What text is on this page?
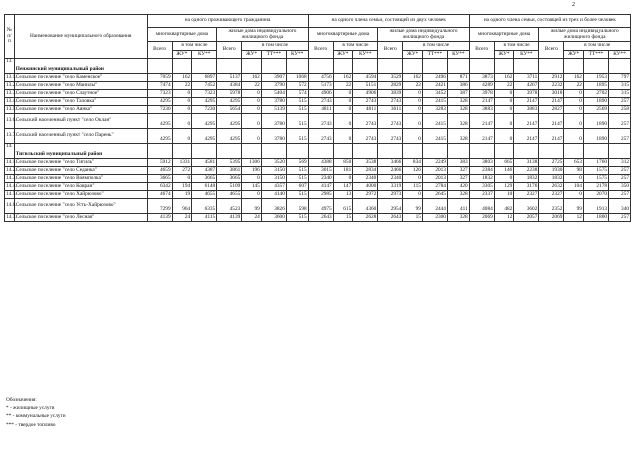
2
№ п/п	Наименование муниципального образования	на одного проживающего гражданина							на одного члена семьи, состоящей из двух человек							на одного члена семьи, состоящей из трех и более человек						
		многоквартирные дома			жилые дома индивидуального жилищного фонда				многоквартирные дома			жилые дома индивидуального жилищного фонда				многоквартирные дома			жилые дома индивидуального жилищного фонда			
		Всего	в том числе		Всего	в том числе			Всего	в том числе		Всего	в том числе			Всего	в том числе		Всего	в том числе		
			ЖУ*	КУ**		ЖУ*	ТТ***	КУ**		ЖУ*	КУ**		ЖУ*	ТТ***	КУ**		ЖУ*	КУ**		ЖУ*	ТТ***	КУ**
13.	Пенжинский муниципальный район																					
13.1.	Сельское поселение "село Каменское"	7059	162	6897	5137	162	3907	1068	4756	162	4594	3529	162	2496	871	3873	162	3711	2912	162	1953	797
13.2.	Сельское поселение "село Манилы"	7474	22	7452	4384	22	3790	572	5173	22	5151	2829	22	2421	386	4289	22	4267	2232	22	1895	315
13.3.	Сельское поселение "село Слаутное"	7323	0	7323	5978	0	5404	574	4906	0	4906	3839	0	3452	387	3978	0	3978	3018	0	2702	315
13.4.	Сельское поселение "село Таловка"	4295	0	4295	4295	0	3780	515	2743	0	2743	2743	0	2415	328	2147	0	2147	2147	0	1890	257
13.5.	Сельское поселение "село Аянка"	7230	0	7230	5654	0	5139	515	4811	0	4811	3611	0	3283	328	3883	0	3883	2827	0	2569	258
13.6.	Сельский населенный пункт "село Оклан"	4295	0	4295	4295	0	3780	515	2743	0	2743	2743	0	2415	328	2147	0	2147	2147	0	1890	257
13.7.	Сельский населенный пункт "село Парень"	4295	0	4295	4295	0	3780	515	2743	0	2743	2743	0	2415	328	2147	0	2147	2147	0	1890	257
14.	Тигильский муниципальный район																					
14.1.	Сельское поселение "село Тигиль"	5912	1331	4581	5395	1306	3520	569	4388	850	3538	3466	834	2249	383	3803	665	3138	2725	653	1760	312
14.2.	Сельское поселение "село Седанка"	4659	272	4387	3861	196	3150	515	3015	181	2834	2466	126	2013	327	2384	146	2238	1930	98	1575	257
14.3.	Сельское поселение "село Воямполка"	3665	0	3665	3665	0	3150	515	2340	0	2340	2340	0	2013	327	1832	0	1832	1832	0	1575	257
14.4.	Сельское поселение "село Ковран"	6342	194	6148	5109	145	4357	607	4147	147	4000	3319	115	2784	420	3305	129	3176	2632	104	2178	350
14.5.	Сельское поселение "село Хайрюзово"	4674	19	4655	4655	0	4140	515	2985	13	2972	2973	0	2645	328	2337	10	2327	2327	0	2070	257
14.6.	Сельское поселение "село Усть-Хайрюзово"	7299	964	6335	4523	99	3826	598	4975	615	4360	2954	99	2444	411	4084	482	3602	2352	99	1913	340
14.7.	Сельское поселение "село Лесная"	4139	24	4115	4139	24	3600	515	2643	15	2628	2643	15	2300	328	2069	12	2057	2069	12	1800	257
Обозначения:
* - жилищные услуги
** - коммунальные услуги
*** - твердое топливо
